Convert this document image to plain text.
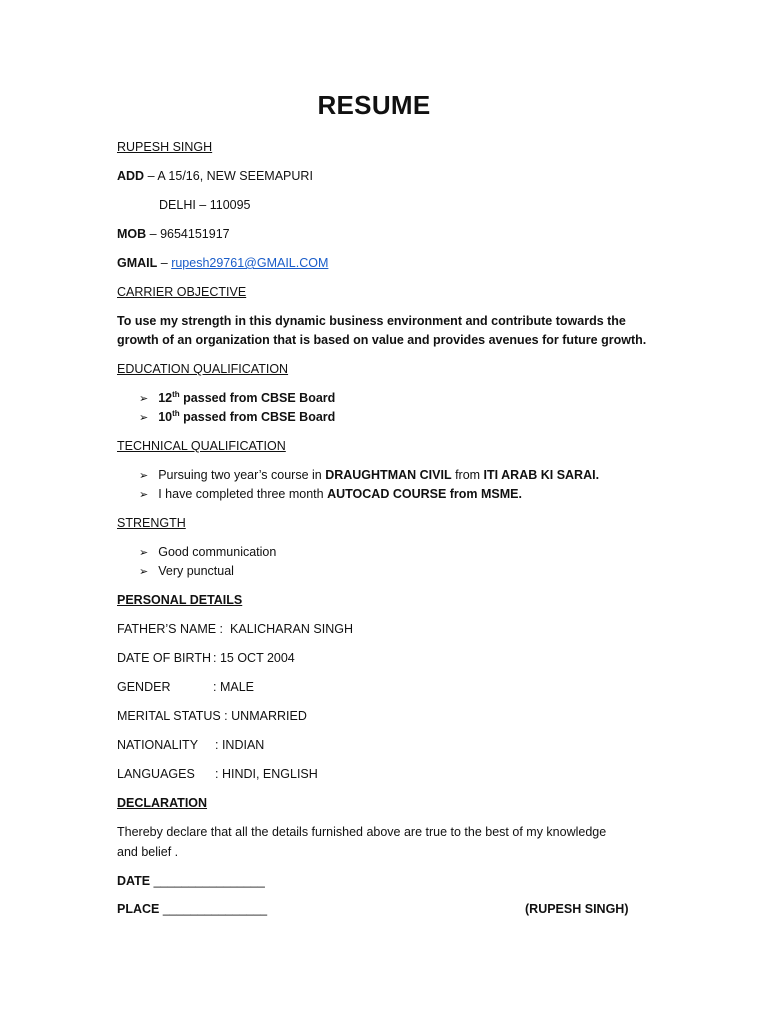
RESUME
RUPESH SINGH
ADD – A 15/16, NEW SEEMAPURI
DELHI – 110095
MOB – 9654151917
GMAIL – rupesh29761@GMAIL.COM
CARRIER OBJECTIVE
To use my strength in this dynamic business environment and contribute towards the
growth of an organization that is based on value and provides avenues for future growth.
EDUCATION QUALIFICATION
➢ 12th passed from CBSE Board
➢ 10th passed from CBSE Board
TECHNICAL QUALIFICATION
➢ Pursuing two year’s course in DRAUGHTMAN CIVIL from ITI ARAB KI SARAI.
➢ I have completed three month AUTOCAD COURSE from MSME.
STRENGTH
➢ Good communication
➢ Very punctual
PERSONAL DETAILS
FATHER’S NAME : KALICHARAN SINGH
DATE OF BIRTH : 15 OCT 2004
GENDER	: MALE
MERITAL STATUS : UNMARRIED
NATIONALITY : INDIAN
LANGUAGES : HINDI, ENGLISH
DECLARATION
Thereby declare that all the details furnished above are true to the best of my knowledge
and belief .
DATE ________________
PLACE _______________	(RUPESH SINGH)
